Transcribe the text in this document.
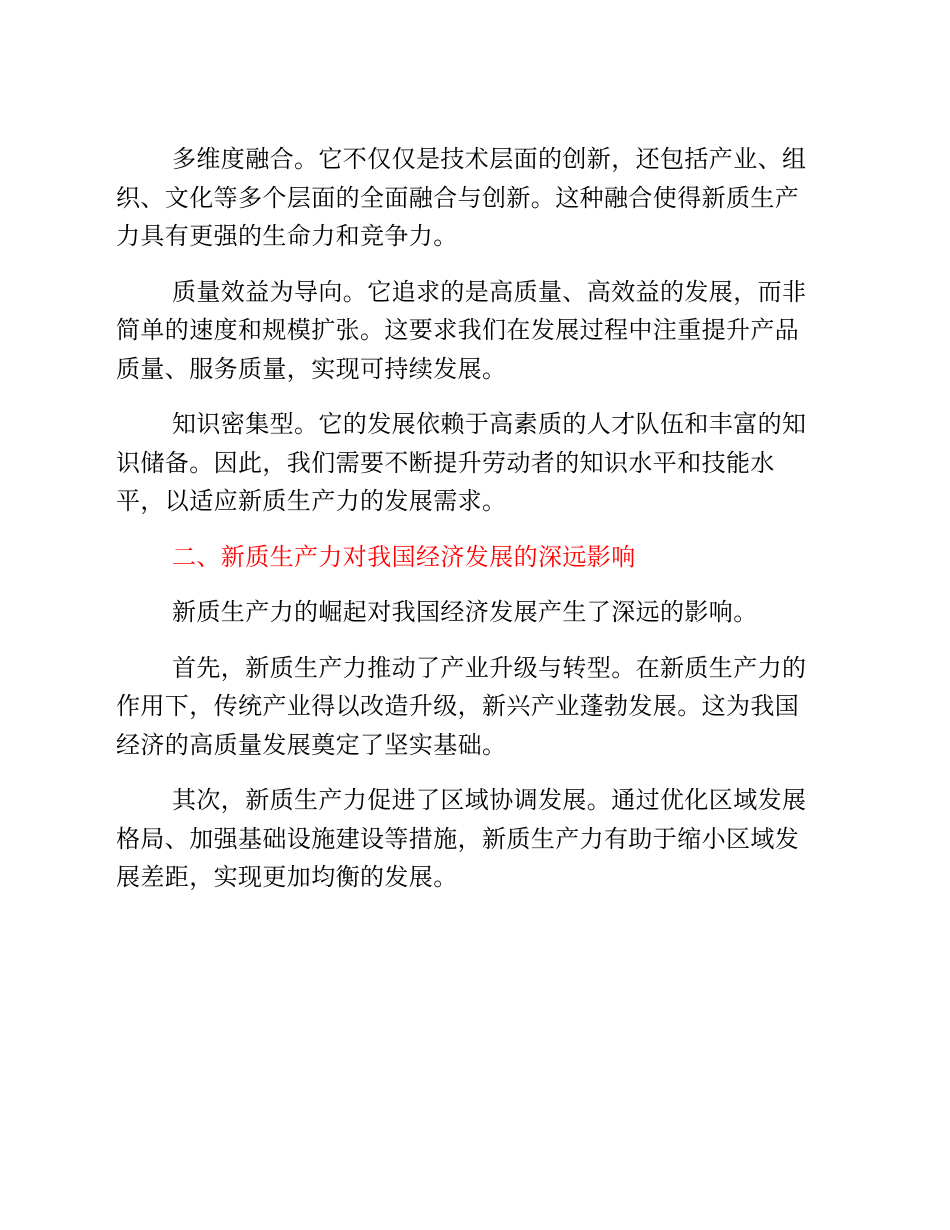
多维度融合。它不仅仅是技术层面的创新，还包括产业、组
织、文化等多个层面的全面融合与创新。这种融合使得新质生产
力具有更强的生命力和竞争力。

质量效益为导向。它追求的是高质量、高效益的发展，而非
简单的速度和规模扩张。这要求我们在发展过程中注重提升产品
质量、服务质量，实现可持续发展。

知识密集型。它的发展依赖于高素质的人才队伍和丰富的知
识储备。因此，我们需要不断提升劳动者的知识水平和技能水
平，以适应新质生产力的发展需求。

二、新质生产力对我国经济发展的深远影响

新质生产力的崛起对我国经济发展产生了深远的影响。

首先，新质生产力推动了产业升级与转型。在新质生产力的
作用下，传统产业得以改造升级，新兴产业蓬勃发展。这为我国
经济的高质量发展奠定了坚实基础。

其次，新质生产力促进了区域协调发展。通过优化区域发展
格局、加强基础设施建设等措施，新质生产力有助于缩小区域发
展差距，实现更加均衡的发展。
